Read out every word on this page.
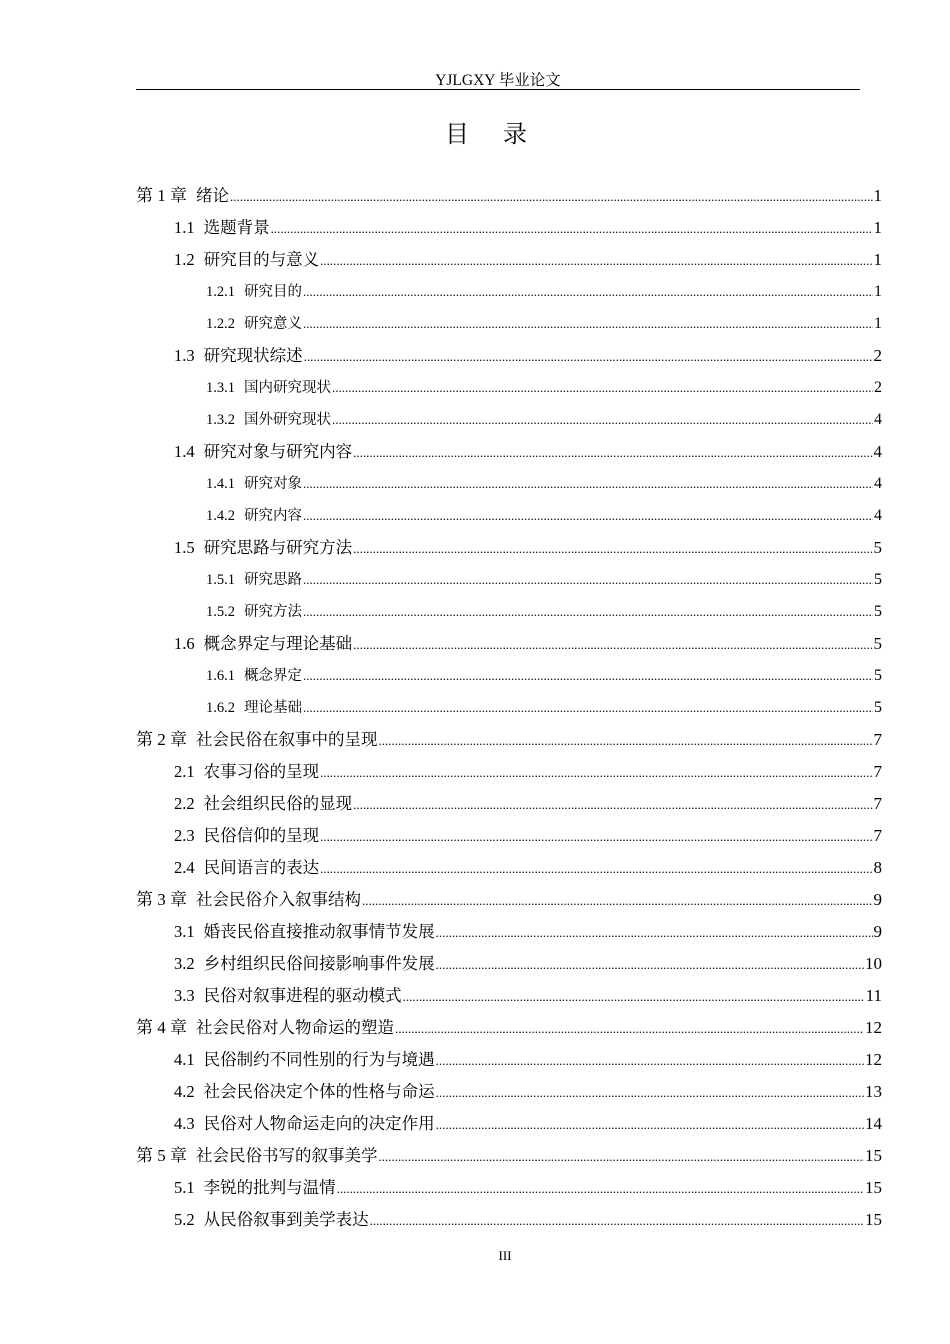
YJLGXY 毕业论文
目录
第 1 章 绪论 .....	1
1.1 选题背景 .....	1
1.2 研究目的与意义 .....	1
1.2.1 研究目的 .....	1
1.2.2 研究意义 .....	1
1.3 研究现状综述 .....	2
1.3.1 国内研究现状 .....	2
1.3.2 国外研究现状 .....	4
1.4 研究对象与研究内容 .....	4
1.4.1 研究对象 .....	4
1.4.2 研究内容 .....	4
1.5 研究思路与研究方法 .....	5
1.5.1 研究思路 .....	5
1.5.2 研究方法 .....	5
1.6 概念界定与理论基础 .....	5
1.6.1 概念界定 .....	5
1.6.2 理论基础 .....	5
第 2 章 社会民俗在叙事中的呈现 .....	7
2.1 农事习俗的呈现 .....	7
2.2 社会组织民俗的显现 .....	7
2.3 民俗信仰的呈现 .....	7
2.4 民间语言的表达 .....	8
第 3 章 社会民俗介入叙事结构 .....	9
3.1 婚丧民俗直接推动叙事情节发展 .....	9
3.2 乡村组织民俗间接影响事件发展 .....	10
3.3 民俗对叙事进程的驱动模式 .....	11
第 4 章 社会民俗对人物命运的塑造 .....	12
4.1 民俗制约不同性别的行为与境遇 .....	12
4.2 社会民俗决定个体的性格与命运 .....	13
4.3 民俗对人物命运走向的决定作用 .....	14
第 5 章 社会民俗书写的叙事美学 .....	15
5.1 李锐的批判与温情 .....	15
5.2 从民俗叙事到美学表达 .....	15
III
